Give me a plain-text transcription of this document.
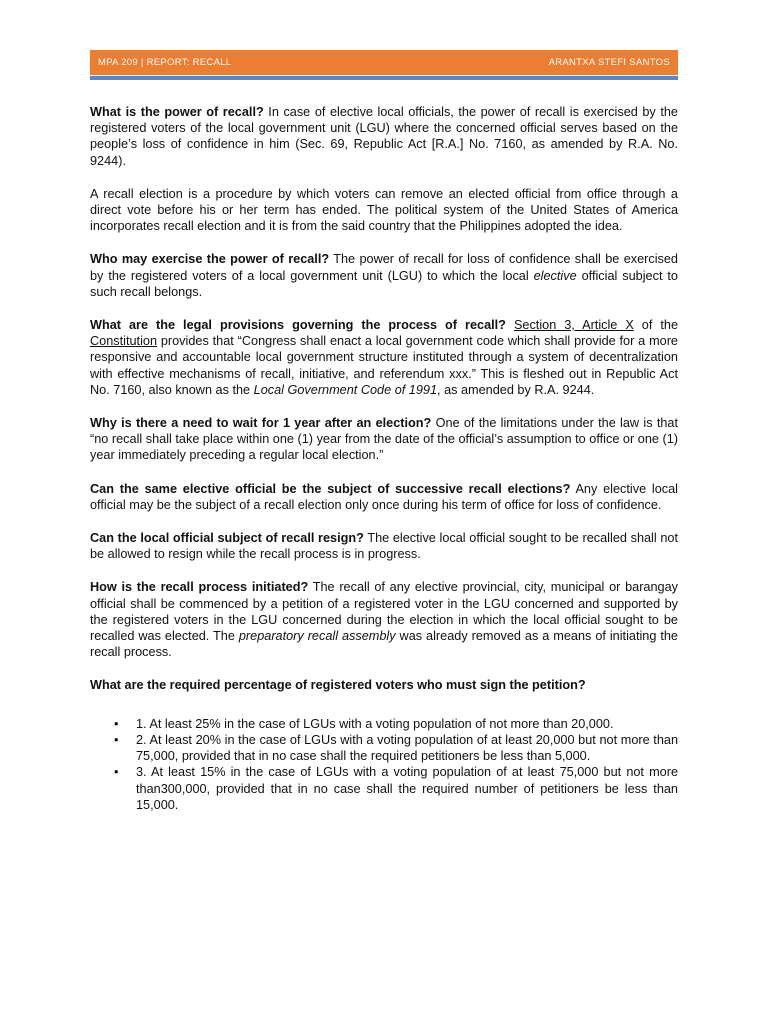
MPA 209 | REPORT: RECALL	ARANTXA STEFI SANTOS

What is the power of recall? In case of elective local officials, the power of recall is exercised by the registered voters of the local government unit (LGU) where the concerned official serves based on the people’s loss of confidence in him (Sec. 69, Republic Act [R.A.] No. 7160, as amended by R.A. No. 9244).

A recall election is a procedure by which voters can remove an elected official from office through a direct vote before his or her term has ended. The political system of the United States of America incorporates recall election and it is from the said country that the Philippines adopted the idea.

Who may exercise the power of recall? The power of recall for loss of confidence shall be exercised by the registered voters of a local government unit (LGU) to which the local elective official subject to such recall belongs.

What are the legal provisions governing the process of recall? Section 3, Article X of the Constitution provides that “Congress shall enact a local government code which shall provide for a more responsive and accountable local government structure instituted through a system of decentralization with effective mechanisms of recall, initiative, and referendum xxx.” This is fleshed out in Republic Act No. 7160, also known as the Local Government Code of 1991, as amended by R.A. 9244.

Why is there a need to wait for 1 year after an election? One of the limitations under the law is that “no recall shall take place within one (1) year from the date of the official’s assumption to office or one (1) year immediately preceding a regular local election.”

Can the same elective official be the subject of successive recall elections? Any elective local official may be the subject of a recall election only once during his term of office for loss of confidence.

Can the local official subject of recall resign? The elective local official sought to be recalled shall not be allowed to resign while the recall process is in progress.

How is the recall process initiated? The recall of any elective provincial, city, municipal or barangay official shall be commenced by a petition of a registered voter in the LGU concerned and supported by the registered voters in the LGU concerned during the election in which the local official sought to be recalled was elected. The preparatory recall assembly was already removed as a means of initiating the recall process.

What are the required percentage of registered voters who must sign the petition?

• 1. At least 25% in the case of LGUs with a voting population of not more than 20,000.
• 2. At least 20% in the case of LGUs with a voting population of at least 20,000 but not more than 75,000, provided that in no case shall the required petitioners be less than 5,000.
• 3. At least 15% in the case of LGUs with a voting population of at least 75,000 but not more than300,000, provided that in no case shall the required number of petitioners be less than 15,000.
